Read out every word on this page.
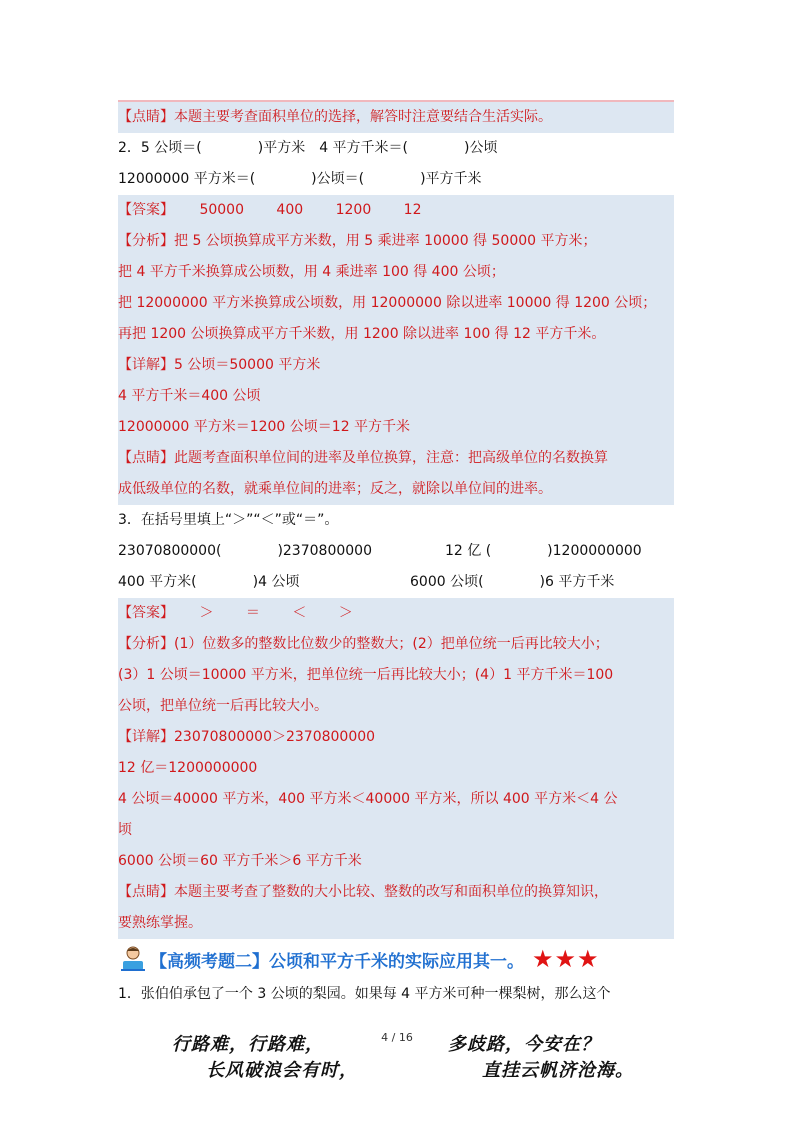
【点睛】本题主要考查面积单位的选择，解答时注意要结合生活实际。
2．5 公顷＝(　　　　)平方米　4 平方千米＝(　　　　)公顷
12000000 平方米＝(　　　　)公顷＝(　　　　)平方千米
【答案】　　 50000　　 400　　 1200　　 12
【分析】把 5 公顷换算成平方米数，用 5 乘进率 10000 得 50000 平方米；
把 4 平方千米换算成公顷数，用 4 乘进率 100 得 400 公顷；
把 12000000 平方米换算成公顷数，用 12000000 除以进率 10000 得 1200 公顷；
再把 1200 公顷换算成平方千米数，用 1200 除以进率 100 得 12 平方千米。
【详解】5 公顷＝50000 平方米
4 平方千米＝400 公顷
12000000 平方米＝1200 公顷＝12 平方千米
【点睛】此题考查面积单位间的进率及单位换算，注意：把高级单位的名数换算
成低级单位的名数，就乘单位间的进率；反之，就除以单位间的进率。
3．在括号里填上“＞”“＜”或“＝”。
23070800000(　　　　)2370800000	12 亿 (　　　　)1200000000
400 平方米(　　　　)4 公顷	6000 公顷(　　　　)6 平方千米
【答案】　　 ＞　　 ＝　　 ＜　　 ＞
【分析】(1）位数多的整数比位数少的整数大；(2）把单位统一后再比较大小；
(3）1 公顷＝10000 平方米，把单位统一后再比较大小；(4）1 平方千米＝100
公顷，把单位统一后再比较大小。
【详解】23070800000＞2370800000
12 亿＝1200000000
4 公顷＝40000 平方米，400 平方米＜40000 平方米，所以 400 平方米＜4 公
顷
6000 公顷＝60 平方千米＞6 平方千米
【点睛】本题主要考查了整数的大小比较、整数的改写和面积单位的换算知识，
要熟练掌握。
【高频考题二】公顷和平方千米的实际应用其一。 ★ ★ ★
1．张伯伯承包了一个 3 公顷的梨园。如果每 4 平方米可种一棵梨树，那么这个
4 / 16
行路难，行路难，	多歧路，今安在？
长风破浪会有时，	直挂云帆济沧海。
